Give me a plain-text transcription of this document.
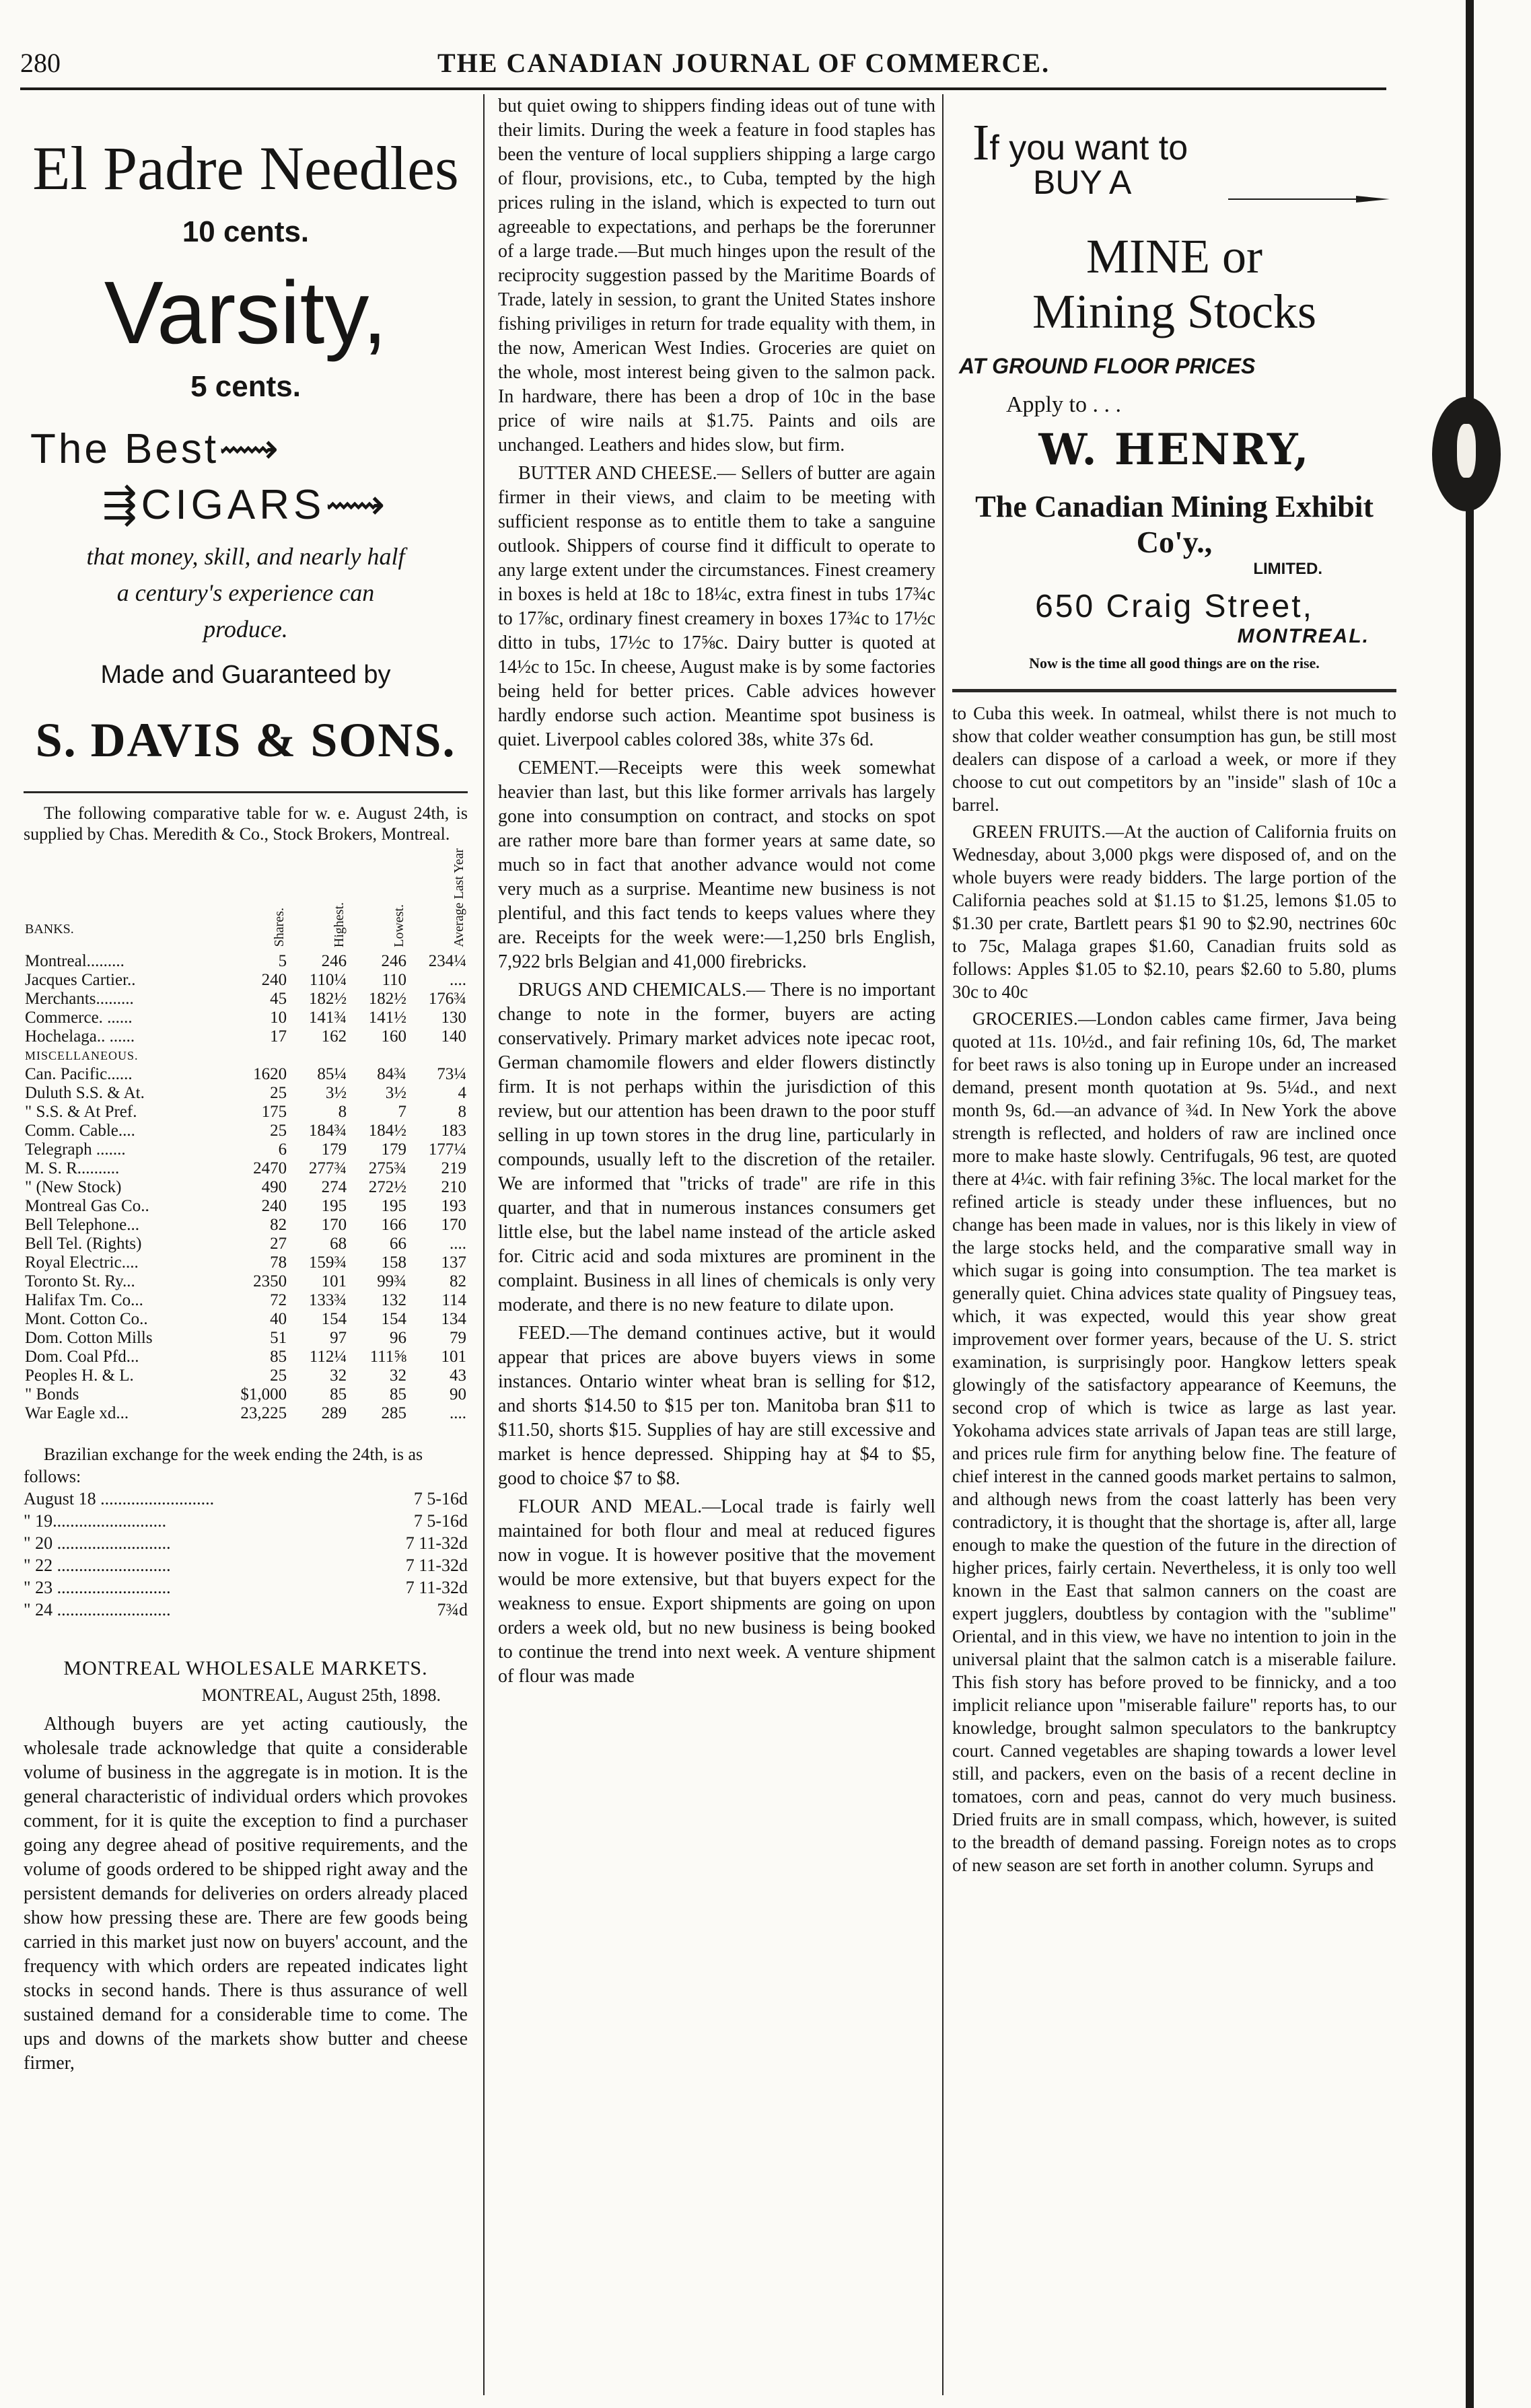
280	THE CANADIAN JOURNAL OF COMMERCE.
El Padre Needles
10 cents.
Varsity,
5 cents.
The Best⟿
⇶CIGARS⟿
that money, skill, and nearly half
a century's experience can
produce.
Made and Guaranteed by
S. DAVIS & SONS.

The following comparative table for w. e. August 24th, is supplied by Chas. Meredith & Co., Stock Brokers, Montreal.

BANKS.	Shares.	Highest.	Lowest.	Average Last Year
Montreal.........	5	246	246	234¼
Jacques Cartier..	240	110¼	110	....
Merchants.........	45	182½	182½	176¾
Commerce. ......	10	141¾	141½	130
Hochelaga.. ......	17	162	160	140
MISCELLANEOUS.				
Can. Pacific......	1620	85¼	84¾	73¼
Duluth S.S. & At.	25	3½	3½	4
" S.S. & At Pref.	175	8	7	8
Comm. Cable....	25	184¾	184½	183
Telegraph .......	6	179	179	177¼
M. S. R..........	2470	277¾	275¾	219
" (New Stock)	490	274	272½	210
Montreal Gas Co..	240	195	195	193
Bell Telephone...	82	170	166	170
Bell Tel. (Rights)	27	68	66	....
Royal Electric....	78	159¾	158	137
Toronto St. Ry...	2350	101	99¾	82
Halifax Tm. Co...	72	133¾	132	114
Mont. Cotton Co..	40	154	154	134
Dom. Cotton Mills	51	97	96	79
Dom. Coal Pfd...	85	112¼	111⅝	101
Peoples H. & L.	25	32	32	43
" Bonds	$1,000	85	85	90
War Eagle xd...	23,225	289	285	....
Brazilian exchange for the week ending the 24th, is as follows:
August 18 ..........................	7 5-16d
" 19..........................	7 5-16d
" 20 ..........................	7 11-32d
" 22 ..........................	7 11-32d
" 23 ..........................	7 11-32d
" 24 ..........................	7¾d
MONTREAL WHOLESALE MARKETS.
MONTREAL, August 25th, 1898.

Although buyers are yet acting cautiously, the wholesale trade acknowledge that quite a considerable volume of business in the aggregate is in motion. It is the general characteristic of individual orders which provokes comment, for it is quite the exception to find a purchaser going any degree ahead of positive requirements, and the volume of goods ordered to be shipped right away and the persistent demands for deliveries on orders already placed show how pressing these are. There are few goods being carried in this market just now on buyers' account, and the frequency with which orders are repeated indicates light stocks in second hands. There is thus assurance of well sustained demand for a considerable time to come. The ups and downs of the markets show butter and cheese firmer,

but quiet owing to shippers finding ideas out of tune with their limits. During the week a feature in food staples has been the venture of local suppliers shipping a large cargo of flour, provisions, etc., to Cuba, tempted by the high prices ruling in the island, which is expected to turn out agreeable to expectations, and perhaps be the forerunner of a large trade.—But much hinges upon the result of the reciprocity suggestion passed by the Maritime Boards of Trade, lately in session, to grant the United States inshore fishing priviliges in return for trade equality with them, in the now, American West Indies. Groceries are quiet on the whole, most interest being given to the salmon pack. In hardware, there has been a drop of 10c in the base price of wire nails at $1.75. Paints and oils are unchanged. Leathers and hides slow, but firm.

BUTTER AND CHEESE.— Sellers of butter are again firmer in their views, and claim to be meeting with sufficient response as to entitle them to take a sanguine outlook. Shippers of course find it difficult to operate to any large extent under the circumstances. Finest creamery in boxes is held at 18c to 18¼c, extra finest in tubs 17¾c to 17⅞c, ordinary finest creamery in boxes 17¾c to 17½c ditto in tubs, 17½c to 17⅝c. Dairy butter is quoted at 14½c to 15c. In cheese, August make is by some factories being held for better prices. Cable advices however hardly endorse such action. Meantime spot business is quiet. Liverpool cables colored 38s, white 37s 6d.

CEMENT.—Receipts were this week somewhat heavier than last, but this like former arrivals has largely gone into consumption on contract, and stocks on spot are rather more bare than former years at same date, so much so in fact that another advance would not come very much as a surprise. Meantime new business is not plentiful, and this fact tends to keeps values where they are. Receipts for the week were:—1,250 brls English, 7,922 brls Belgian and 41,000 firebricks.

DRUGS AND CHEMICALS.— There is no important change to note in the former, buyers are acting conservatively. Primary market advices note ipecac root, German chamomile flowers and elder flowers distinctly firm. It is not perhaps within the jurisdiction of this review, but our attention has been drawn to the poor stuff selling in up town stores in the drug line, particularly in compounds, usually left to the discretion of the retailer. We are informed that "tricks of trade" are rife in this quarter, and that in numerous instances consumers get little else, but the label name instead of the article asked for. Citric acid and soda mixtures are prominent in the complaint. Business in all lines of chemicals is only very moderate, and there is no new feature to dilate upon.

FEED.—The demand continues active, but it would appear that prices are above buyers views in some instances. Ontario winter wheat bran is selling for $12, and shorts $14.50 to $15 per ton. Manitoba bran $11 to $11.50, shorts $15. Supplies of hay are still excessive and market is hence depressed. Shipping hay at $4 to $5, good to choice $7 to $8.

FLOUR AND MEAL.—Local trade is fairly well maintained for both flour and meal at reduced figures now in vogue. It is however positive that the movement would be more extensive, but that buyers expect for the weakness to ensue. Export shipments are going on upon orders a week old, but no new business is being booked to continue the trend into next week. A venture shipment of flour was made

If you want to
BUY A
MINE or
Mining Stocks
AT GROUND FLOOR PRICES
Apply to . . .
W. HENRY,
The Canadian Mining Exhibit Co'y.,
LIMITED.
650 Craig Street,
MONTREAL.
Now is the time all good things are on the rise.

to Cuba this week. In oatmeal, whilst there is not much to show that colder weather consumption has gun, be still most dealers can dispose of a carload a week, or more if they choose to cut out competitors by an "inside" slash of 10c a barrel.

GREEN FRUITS.—At the auction of California fruits on Wednesday, about 3,000 pkgs were disposed of, and on the whole buyers were ready bidders. The large portion of the California peaches sold at $1.15 to $1.25, lemons $1.05 to $1.30 per crate, Bartlett pears $1 90 to $2.90, nectrines 60c to 75c, Malaga grapes $1.60, Canadian fruits sold as follows: Apples $1.05 to $2.10, pears $2.60 to 5.80, plums 30c to 40c

GROCERIES.—London cables came firmer, Java being quoted at 11s. 10½d., and fair refining 10s, 6d, The market for beet raws is also toning up in Europe under an increased demand, present month quotation at 9s. 5¼d., and next month 9s, 6d.—an advance of ¾d. In New York the above strength is reflected, and holders of raw are inclined once more to make haste slowly. Centrifugals, 96 test, are quoted there at 4¼c. with fair refining 3⅝c. The local market for the refined article is steady under these influences, but no change has been made in values, nor is this likely in view of the large stocks held, and the comparative small way in which sugar is going into consumption. The tea market is generally quiet. China advices state quality of Pingsuey teas, which, it was expected, would this year show great improvement over former years, because of the U. S. strict examination, is surprisingly poor. Hangkow letters speak glowingly of the satisfactory appearance of Keemuns, the second crop of which is twice as large as last year. Yokohama advices state arrivals of Japan teas are still large, and prices rule firm for anything below fine. The feature of chief interest in the canned goods market pertains to salmon, and although news from the coast latterly has been very contradictory, it is thought that the shortage is, after all, large enough to make the question of the future in the direction of higher prices, fairly certain. Nevertheless, it is only too well known in the East that salmon canners on the coast are expert jugglers, doubtless by contagion with the "sublime" Oriental, and in this view, we have no intention to join in the universal plaint that the salmon catch is a miserable failure. This fish story has before proved to be finnicky, and a too implicit reliance upon "miserable failure" reports has, to our knowledge, brought salmon speculators to the bankruptcy court. Canned vegetables are shaping towards a lower level still, and packers, even on the basis of a recent decline in tomatoes, corn and peas, cannot do very much business. Dried fruits are in small compass, which, however, is suited to the breadth of demand passing. Foreign notes as to crops of new season are set forth in another column. Syrups and
